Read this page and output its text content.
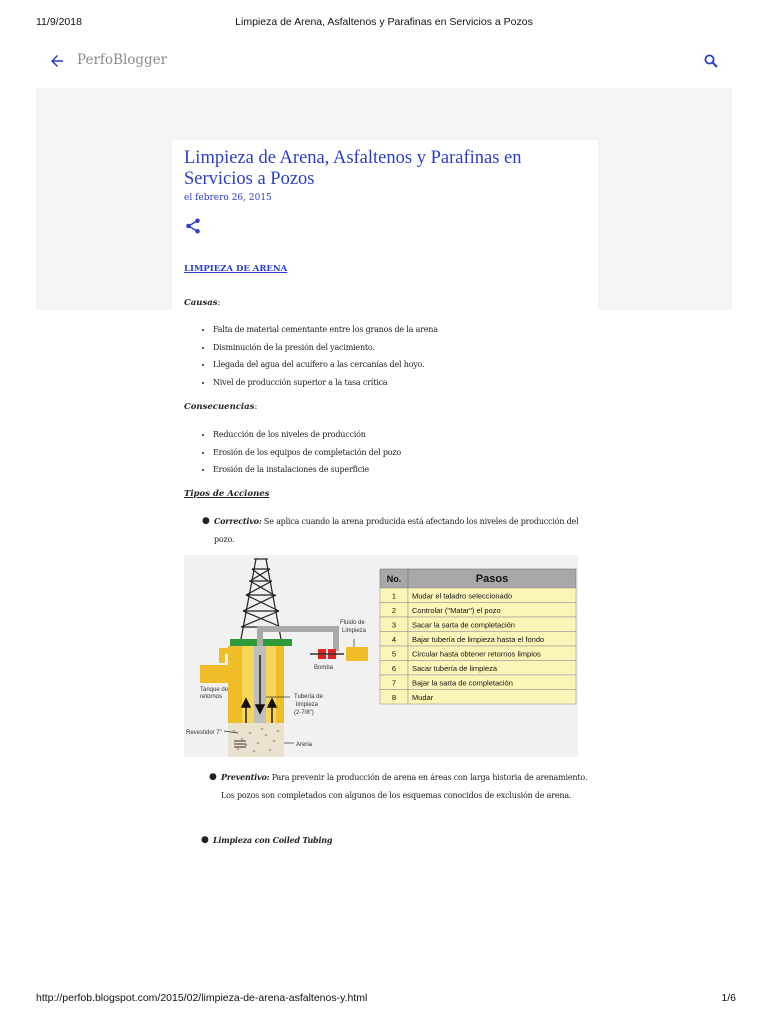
11/9/2018	Limpieza de Arena, Asfaltenos y Parafinas en Servicios a Pozos
PerfoBlogger
Limpieza de Arena, Asfaltenos y Parafinas en Servicios a Pozos
el febrero 26, 2015
LIMPIEZA DE ARENA
Causas:
• Falta de material cementante entre los granos de la arena
• Disminución de la presión del yacimiento.
• Llegada del agua del acuífero a las cercanías del hoyo.
• Nivel de producción superior a la tasa crítica
Consecuencias:
• Reducción de los niveles de producción
• Erosión de los equipos de completación del pozo
• Erosión de la instalaciones de superficie
Tipos de Acciones
● Correctivo: Se aplica cuando la arena producida está afectando los niveles de producción del pozo.
Fluido de
Limpieza
Bomba
Tanque de
retornos	Tubería de
limpieza
(2-7/8")
Revestidor 7"
Arena
No.	Pasos
1 Mudar el taladro seleccionado
2 Controlar ("Matar") el pozo
3 Sacar la sarta de completación
4 Bajar tubería de limpieza hasta el fondo
5 Circular hasta obtener retornos limpios
6 Sacar tubería de limpieza
7 Bajar la sarta de completación
8 Mudar
● Preventivo: Para prevenir la producción de arena en áreas con larga historia de arenamiento. Los pozos son completados con algunos de los esquemas conocidos de exclusión de arena.
● Limpieza con Coiled Tubing
http://perfob.blogspot.com/2015/02/limpieza-de-arena-asfaltenos-y.html	1/6
